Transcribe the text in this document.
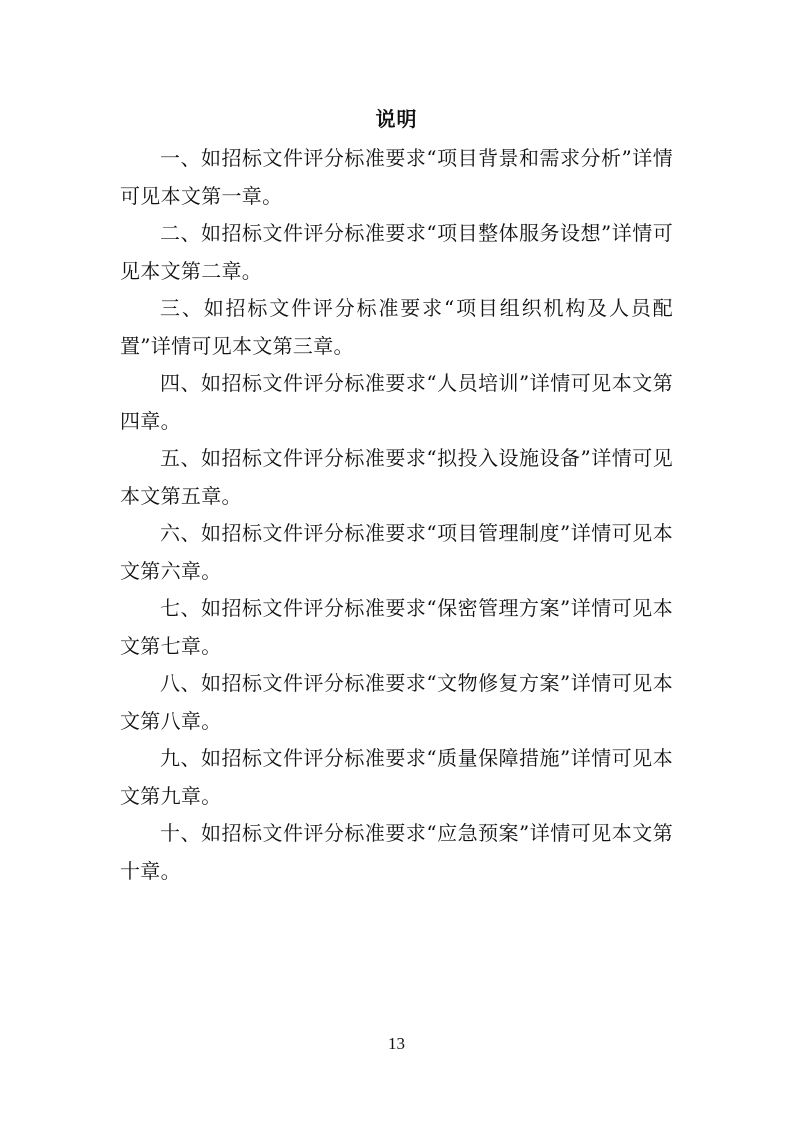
说明

一、如招标文件评分标准要求“项目背景和需求分析”详情可见本文第一章。

二、如招标文件评分标准要求“项目整体服务设想”详情可见本文第二章。

三、如招标文件评分标准要求“项目组织机构及人员配置”详情可见本文第三章。

四、如招标文件评分标准要求“人员培训”详情可见本文第四章。

五、如招标文件评分标准要求“拟投入设施设备”详情可见本文第五章。

六、如招标文件评分标准要求“项目管理制度”详情可见本文第六章。

七、如招标文件评分标准要求“保密管理方案”详情可见本文第七章。

八、如招标文件评分标准要求“文物修复方案”详情可见本文第八章。

九、如招标文件评分标准要求“质量保障措施”详情可见本文第九章。

十、如招标文件评分标准要求“应急预案”详情可见本文第十章。

13
